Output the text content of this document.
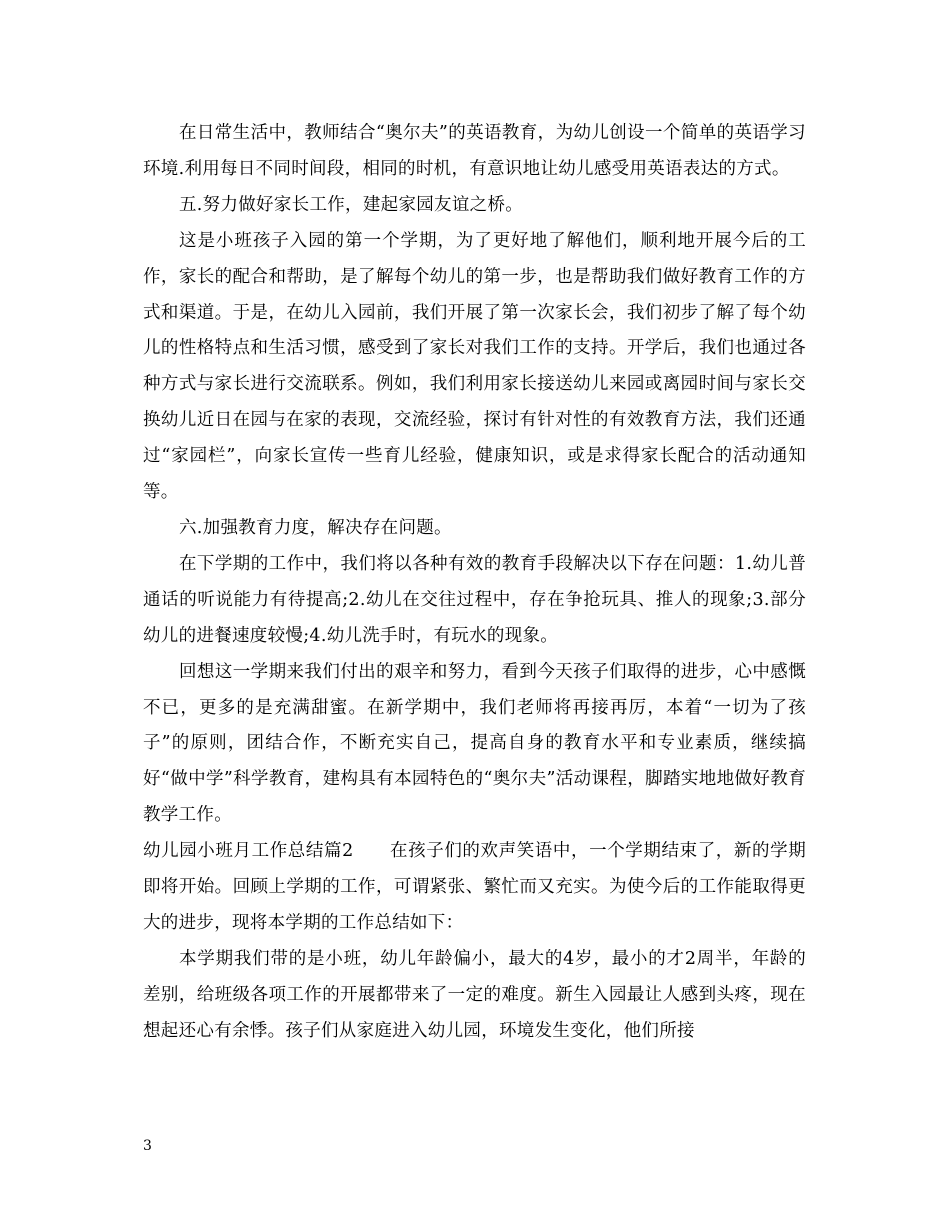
在日常生活中，教师结合“奥尔夫”的英语教育，为幼儿创设一个简单的英语学习环境.利用每日不同时间段，相同的时机，有意识地让幼儿感受用英语表达的方式。

五.努力做好家长工作，建起家园友谊之桥。

这是小班孩子入园的第一个学期，为了更好地了解他们，顺利地开展今后的工作，家长的配合和帮助，是了解每个幼儿的第一步，也是帮助我们做好教育工作的方式和渠道。于是，在幼儿入园前，我们开展了第一次家长会，我们初步了解了每个幼儿的性格特点和生活习惯，感受到了家长对我们工作的支持。开学后，我们也通过各种方式与家长进行交流联系。例如，我们利用家长接送幼儿来园或离园时间与家长交换幼儿近日在园与在家的表现，交流经验，探讨有针对性的有效教育方法，我们还通过“家园栏”，向家长宣传一些育儿经验，健康知识，或是求得家长配合的活动通知等。

六.加强教育力度，解决存在问题。

在下学期的工作中，我们将以各种有效的教育手段解决以下存在问题：1.幼儿普通话的听说能力有待提高;2.幼儿在交往过程中，存在争抢玩具、推人的现象;3.部分幼儿的进餐速度较慢;4.幼儿洗手时，有玩水的现象。

回想这一学期来我们付出的艰辛和努力，看到今天孩子们取得的进步，心中感慨不已，更多的是充满甜蜜。在新学期中，我们老师将再接再厉，本着“一切为了孩子”的原则，团结合作，不断充实自己，提高自身的教育水平和专业素质，继续搞好“做中学”科学教育，建构具有本园特色的“奥尔夫”活动课程，脚踏实地地做好教育教学工作。

幼儿园小班月工作总结篇2　　在孩子们的欢声笑语中，一个学期结束了，新的学期即将开始。回顾上学期的工作，可谓紧张、繁忙而又充实。为使今后的工作能取得更大的进步，现将本学期的工作总结如下：

本学期我们带的是小班，幼儿年龄偏小，最大的4岁，最小的才2周半，年龄的差别，给班级各项工作的开展都带来了一定的难度。新生入园最让人感到头疼，现在想起还心有余悸。孩子们从家庭进入幼儿园，环境发生变化，他们所接

3
